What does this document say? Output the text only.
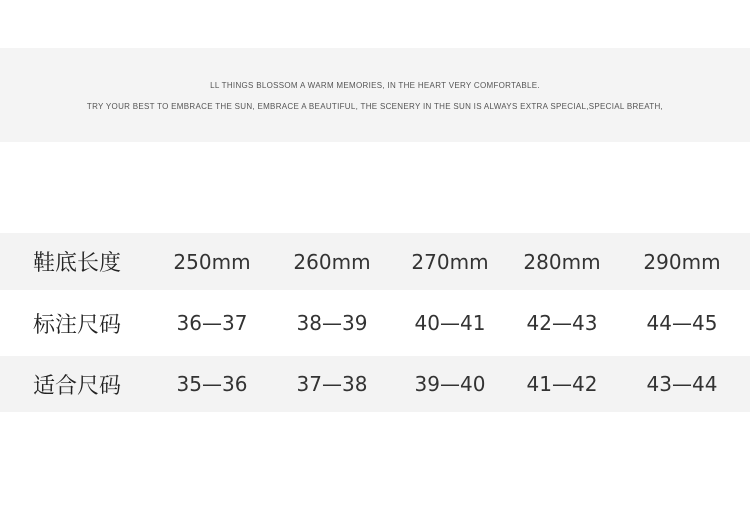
LL THINGS BLOSSOM A WARM MEMORIES, IN THE HEART VERY COMFORTABLE.
TRY YOUR BEST TO EMBRACE THE SUN, EMBRACE A BEAUTIFUL, THE SCENERY IN THE SUN IS ALWAYS EXTRA SPECIAL,SPECIAL BREATH,
鞋底长度	250mm	260mm	270mm	280mm	290mm
标注尺码	36—37	38—39	40—41	42—43	44—45
适合尺码	35—36	37—38	39—40	41—42	43—44
